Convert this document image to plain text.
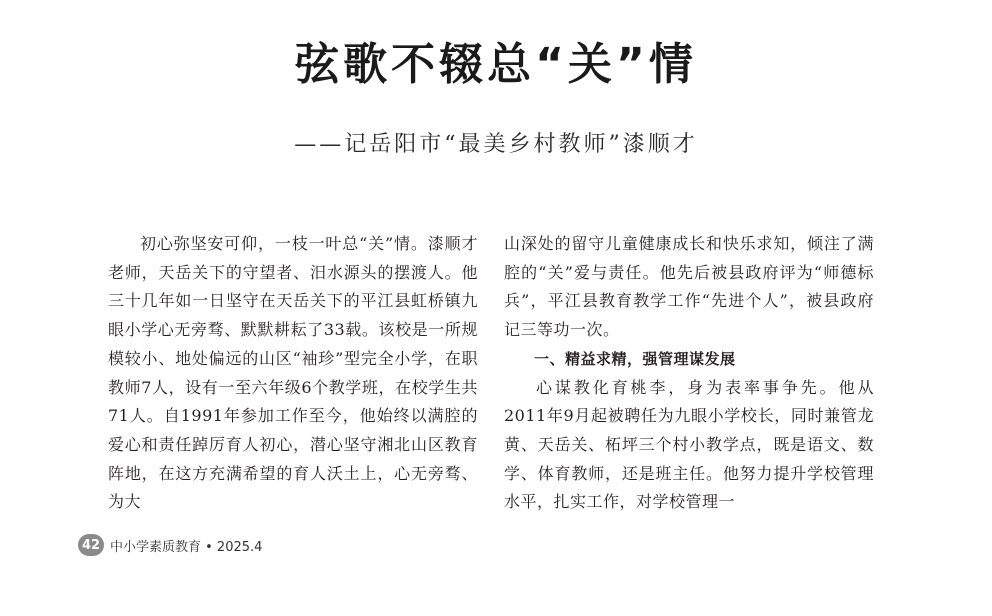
弦歌不辍总“关”情
——记岳阳市“最美乡村教师”漆顺才

初心弥坚安可仰，一枝一叶总“关”情。漆顺才老师，天岳关下的守望者、汨水源头的摆渡人。他三十几年如一日坚守在天岳关下的平江县虹桥镇九眼小学心无旁骛、默默耕耘了33载。该校是一所规模较小、地处偏远的山区“袖珍”型完全小学，在职教师7人，设有一至六年级6个教学班，在校学生共71人。自1991年参加工作至今，他始终以满腔的爱心和责任踔厉育人初心，潜心坚守湘北山区教育阵地，在这方充满希望的育人沃土上，心无旁骛、为大

山深处的留守儿童健康成长和快乐求知，倾注了满腔的“关”爱与责任。他先后被县政府评为“师德标兵”，平江县教育教学工作“先进个人”，被县政府记三等功一次。

一、精益求精，强管理谋发展

心谋教化育桃李，身为表率事争先。他从2011年9月起被聘任为九眼小学校长，同时兼管龙黄、天岳关、柘坪三个村小教学点，既是语文、数学、体育教师，还是班主任。他努力提升学校管理水平，扎实工作，对学校管理一

42 中小学素质教育 • 2025.4
